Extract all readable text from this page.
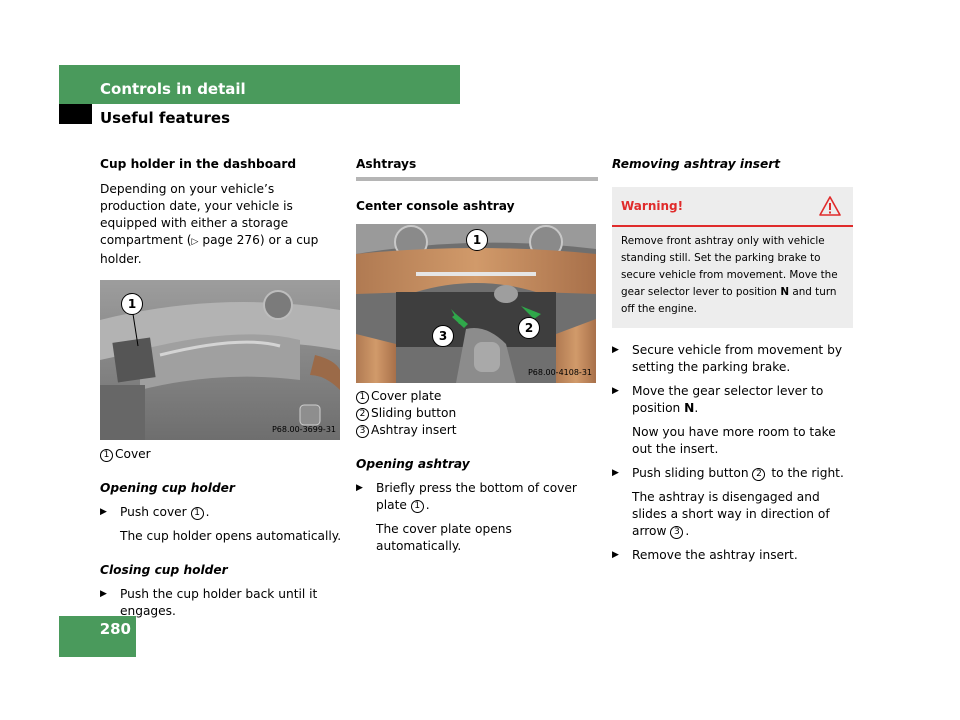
Controls in detail
Useful features
280

Cup holder in the dashboard

Depending on your vehicle’s production date, your vehicle is equipped with either a storage compartment (▷ page 276) or a cup holder.

1
P68.00-3699-31

1 Cover

Opening cup holder

▶	Push cover 1 .

The cup holder opens automatically.

Closing cup holder

▶	Push the cup holder back until it engages.

Ashtrays

Center console ashtray

1
2
3
P68.00-4108-31

1 Cover plate

2 Sliding button

3 Ashtray insert

Opening ashtray

▶	Briefly press the bottom of cover plate 1 .

The cover plate opens automatically.

Removing ashtray insert

Warning!
Remove front ashtray only with vehicle standing still. Set the parking brake to secure vehicle from movement. Move the gear selector lever to position N and turn off the engine.
▶	Secure vehicle from movement by setting the parking brake.
▶	Move the gear selector lever to position N.

Now you have more room to take out the insert.

▶	Push sliding button 2 to the right.

The ashtray is disengaged and slides a short way in direction of arrow 3 .

▶	Remove the ashtray insert.
